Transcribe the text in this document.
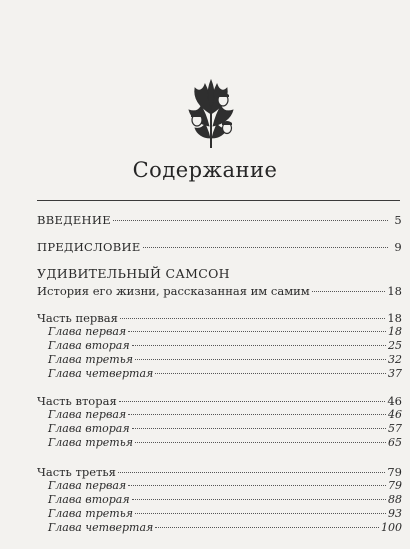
Содержание
ВВЕДЕНИЕ	5
ПРЕДИСЛОВИЕ	9
УДИВИТЕЛЬНЫЙ САМСОН
История его жизни, рассказанная им самим	18
Часть первая	18
Глава первая	18
Глава вторая	25
Глава третья	32
Глава четвертая	37
Часть вторая	46
Глава первая	46
Глава вторая	57
Глава третья	65
Часть третья	79
Глава первая	79
Глава вторая	88
Глава третья	93
Глава четвертая	100
